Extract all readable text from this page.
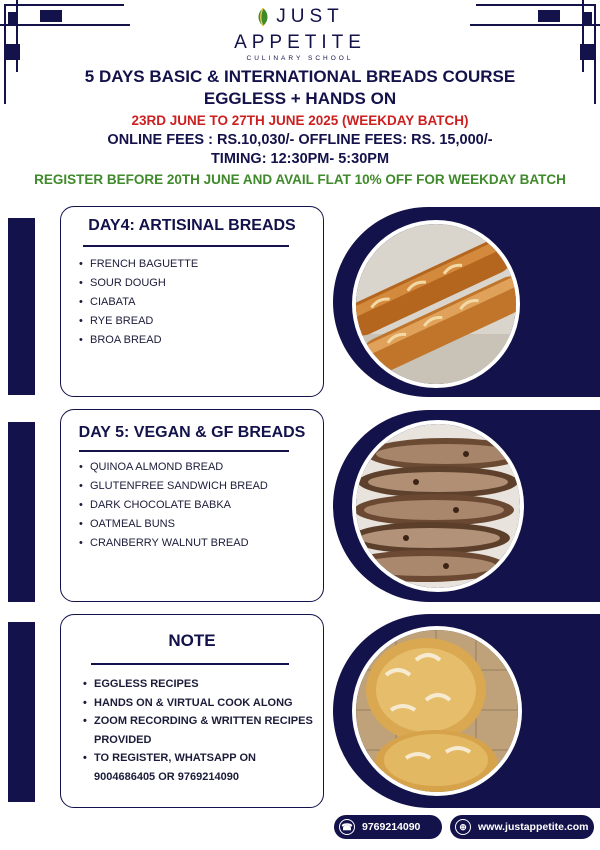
JUST
APPETITE
CULINARY SCHOOL
5 DAYS BASIC & INTERNATIONAL BREADS COURSE
EGGLESS + HANDS ON
23RD JUNE TO 27TH JUNE 2025 (WEEKDAY BATCH)
ONLINE FEES : RS.10,030/- OFFLINE FEES: RS. 15,000/-
TIMING: 12:30PM- 5:30PM
REGISTER BEFORE 20TH JUNE AND AVAIL FLAT 10% OFF FOR WEEKDAY BATCH
DAY4: ARTISINAL BREADS
• FRENCH BAGUETTE
• SOUR DOUGH
• CIABATA
• RYE BREAD
• BROA BREAD
DAY 5: VEGAN & GF BREADS
• QUINOA ALMOND BREAD
• GLUTENFREE SANDWICH BREAD
• DARK CHOCOLATE BABKA
• OATMEAL BUNS
• CRANBERRY WALNUT BREAD
NOTE
• EGGLESS RECIPES
• HANDS ON & VIRTUAL COOK ALONG
• ZOOM RECORDING & WRITTEN RECIPES
PROVIDED
• TO REGISTER, WHATSAPP ON
9004686405 OR 9769214090
☎ 9769214090	⊕	www.justappetite.com
